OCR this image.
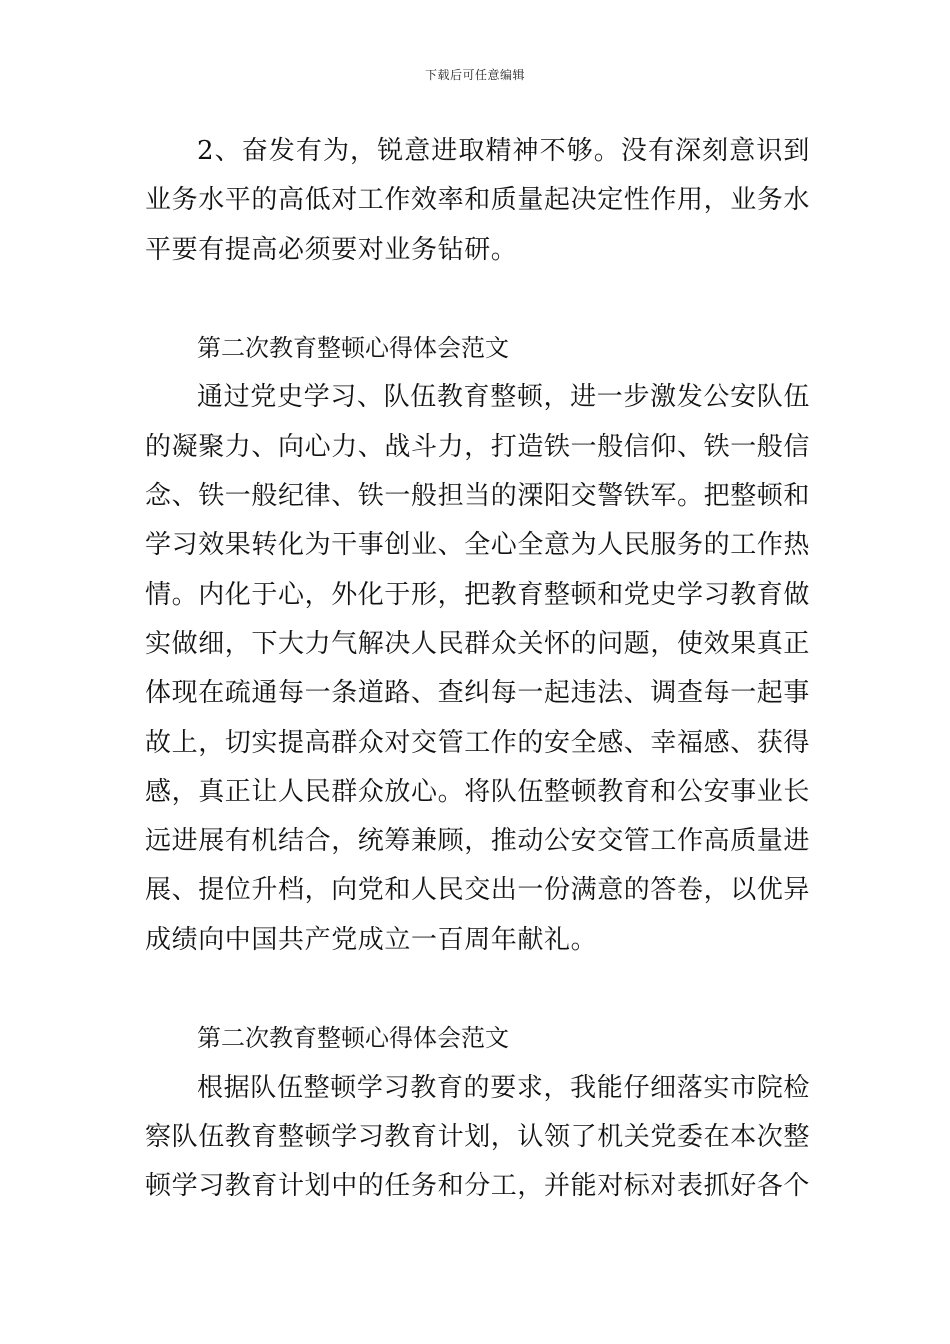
下载后可任意编辑

2、奋发有为，锐意进取精神不够。没有深刻意识到业务水平的高低对工作效率和质量起决定性作用，业务水平要有提高必须要对业务钻研。

第二次教育整顿心得体会范文

通过党史学习、队伍教育整顿，进一步激发公安队伍的凝聚力、向心力、战斗力，打造铁一般信仰、铁一般信念、铁一般纪律、铁一般担当的溧阳交警铁军。把整顿和学习效果转化为干事创业、全心全意为人民服务的工作热情。内化于心，外化于形，把教育整顿和党史学习教育做实做细，下大力气解决人民群众关怀的问题，使效果真正体现在疏通每一条道路、查纠每一起违法、调查每一起事故上，切实提高群众对交管工作的安全感、幸福感、获得感，真正让人民群众放心。将队伍整顿教育和公安事业长远进展有机结合，统筹兼顾，推动公安交管工作高质量进展、提位升档，向党和人民交出一份满意的答卷，以优异成绩向中国共产党成立一百周年献礼。

第二次教育整顿心得体会范文

根据队伍整顿学习教育的要求，我能仔细落实市院检察队伍教育整顿学习教育计划，认领了机关党委在本次整顿学习教育计划中的任务和分工，并能对标对表抓好各个
